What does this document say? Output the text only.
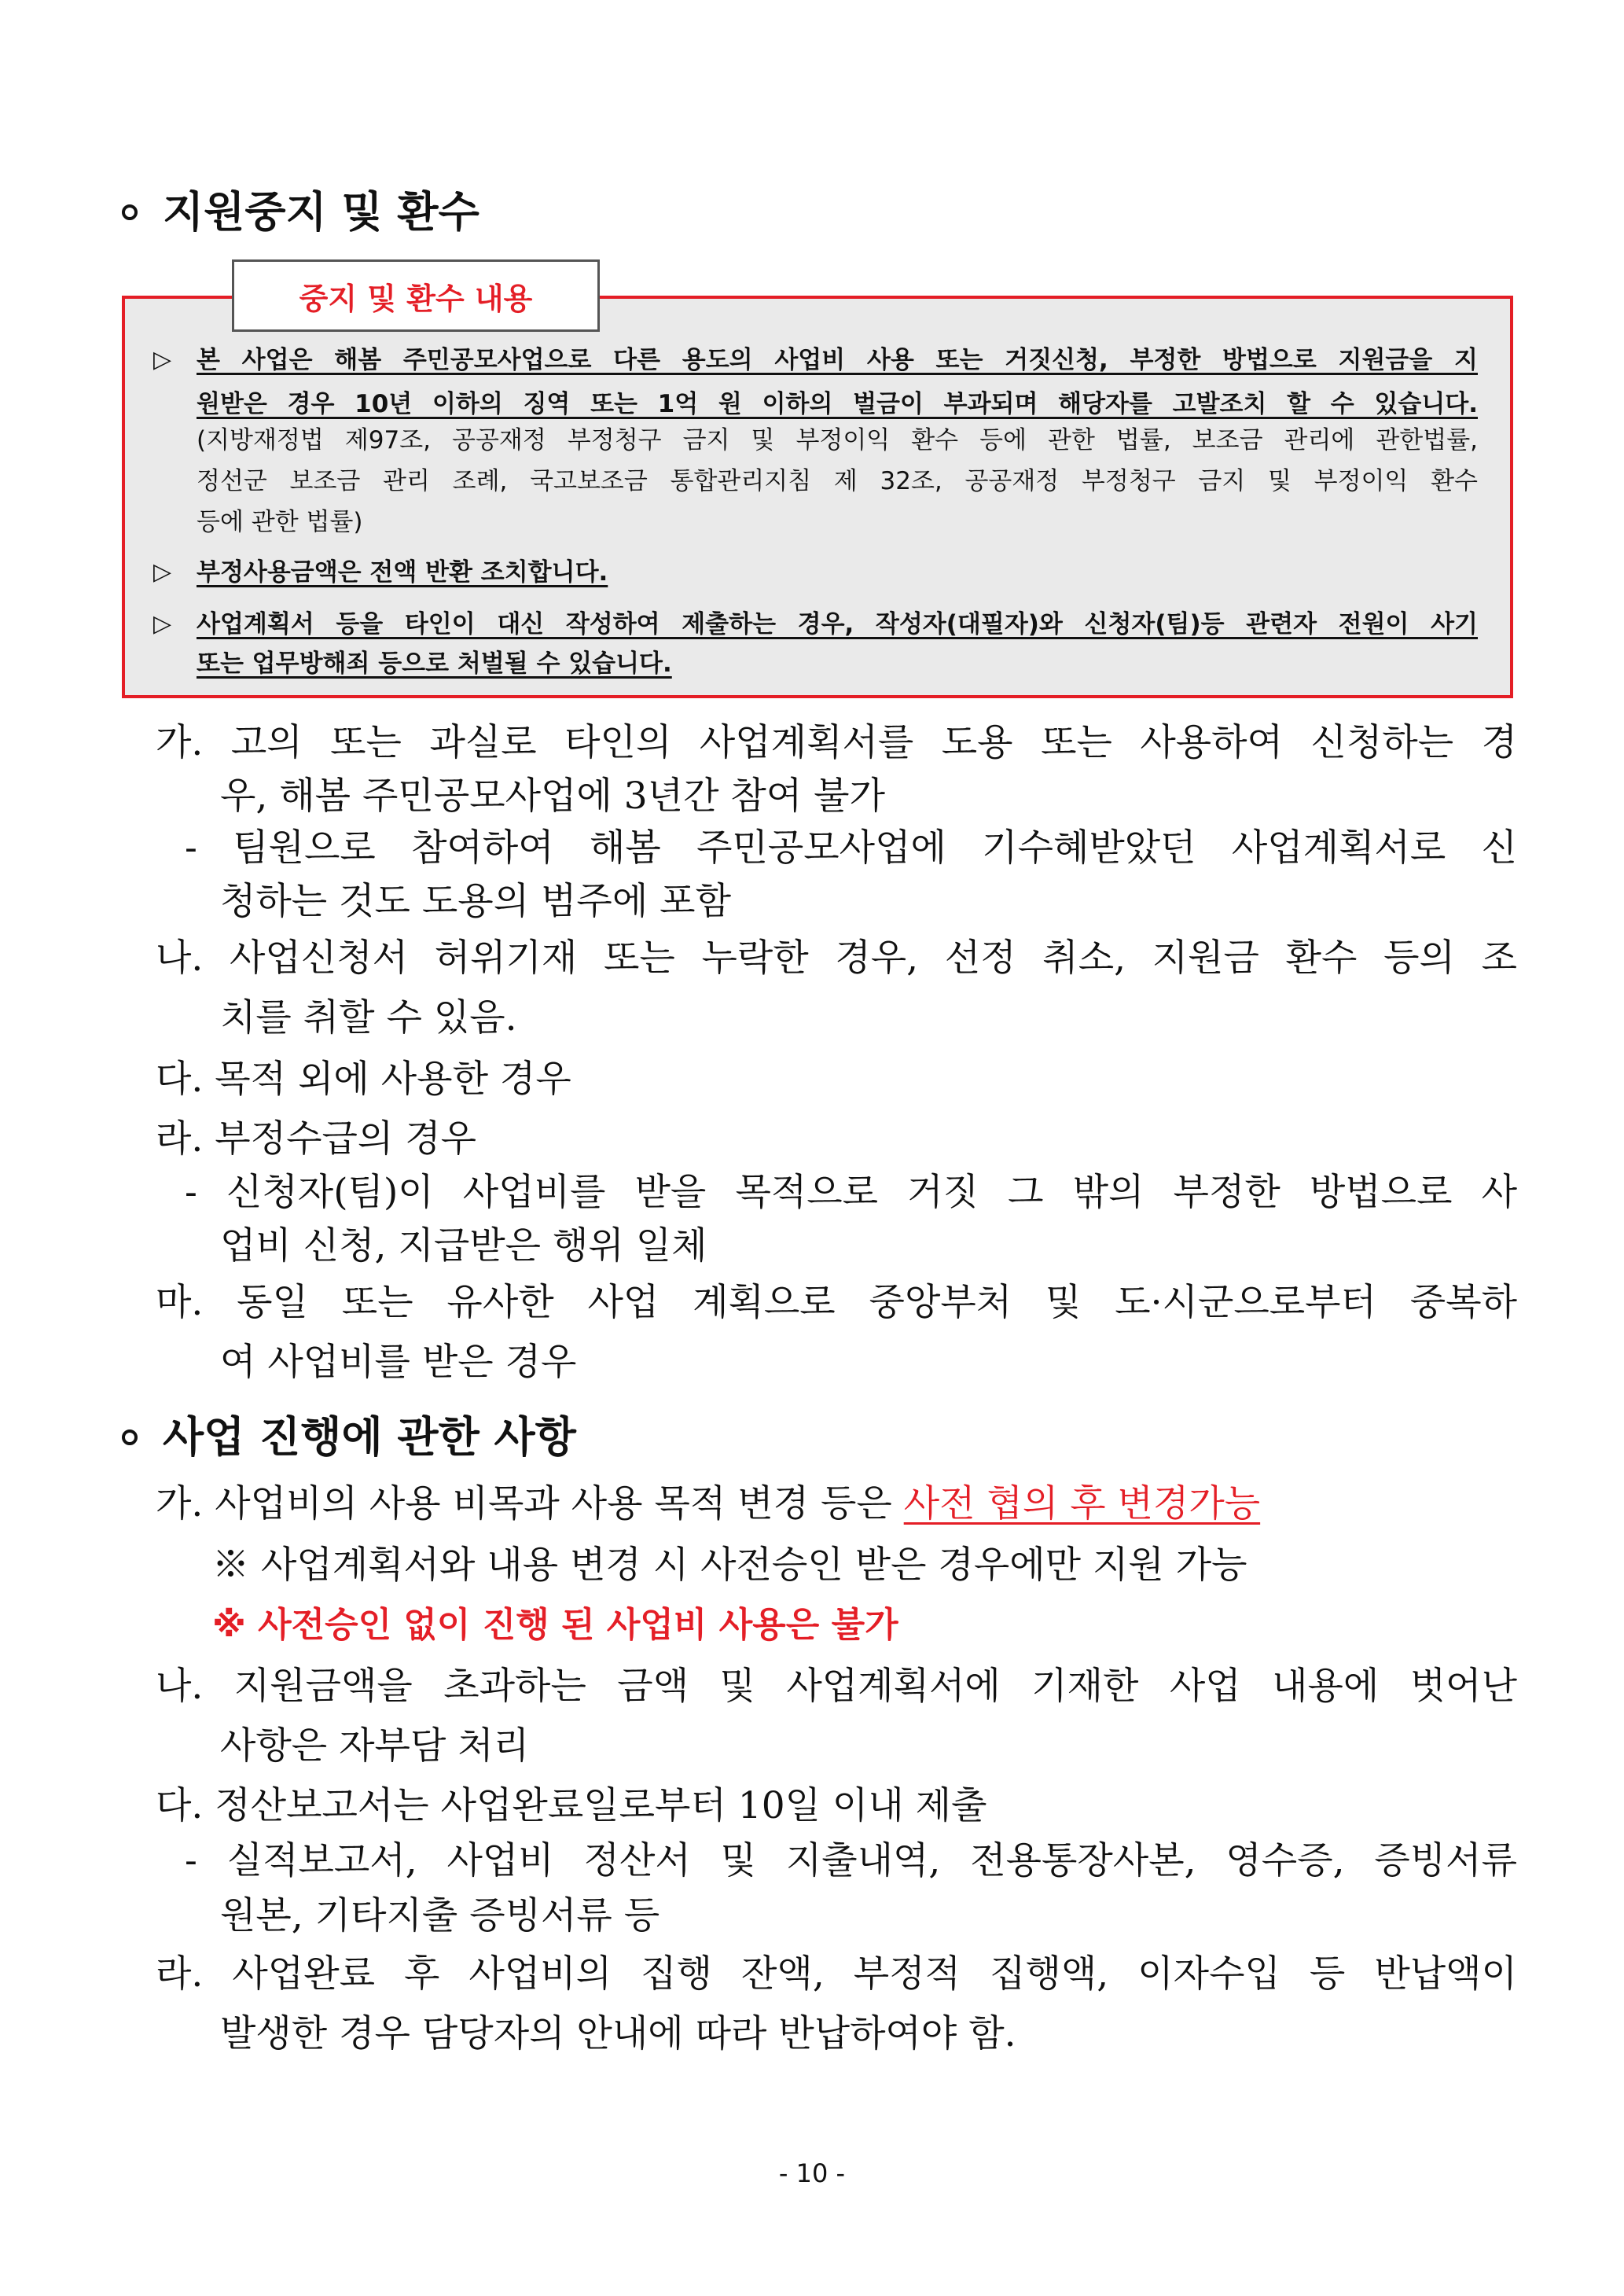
지원중지 및 환수
중지 및 환수 내용
▷ 본 사업은 해봄 주민공모사업으로 다른 용도의 사업비 사용 또는 거짓신청, 부정한 방법으로 지원금을 지
원받은 경우 10년 이하의 징역 또는 1억 원 이하의 벌금이 부과되며 해당자를 고발조치 할 수 있습니다.
(지방재정법 제97조, 공공재정 부정청구 금지 및 부정이익 환수 등에 관한 법률, 보조금 관리에 관한법률,
정선군 보조금 관리 조례, 국고보조금 통합관리지침 제 32조, 공공재정 부정청구 금지 및 부정이익 환수
등에 관한 법률)
▷ 부정사용금액은 전액 반환 조치합니다.
▷ 사업계획서 등을 타인이 대신 작성하여 제출하는 경우, 작성자(대필자)와 신청자(팀)등 관련자 전원이 사기
또는 업무방해죄 등으로 처벌될 수 있습니다.
가. 고의 또는 과실로 타인의 사업계획서를 도용 또는 사용하여 신청하는 경
우, 해봄 주민공모사업에 3년간 참여 불가
- 팀원으로 참여하여 해봄 주민공모사업에 기수혜받았던 사업계획서로 신
청하는 것도 도용의 범주에 포함
나. 사업신청서 허위기재 또는 누락한 경우, 선정 취소, 지원금 환수 등의 조
치를 취할 수 있음.
다. 목적 외에 사용한 경우
라. 부정수급의 경우
- 신청자(팀)이 사업비를 받을 목적으로 거짓 그 밖의 부정한 방법으로 사
업비 신청, 지급받은 행위 일체
마. 동일 또는 유사한 사업 계획으로 중앙부처 및 도·시군으로부터 중복하
여 사업비를 받은 경우
사업 진행에 관한 사항
가. 사업비의 사용 비목과 사용 목적 변경 등은 사전 협의 후 변경가능
※ 사업계획서와 내용 변경 시 사전승인 받은 경우에만 지원 가능
※ 사전승인 없이 진행 된 사업비 사용은 불가
나. 지원금액을 초과하는 금액 및 사업계획서에 기재한 사업 내용에 벗어난
사항은 자부담 처리
다. 정산보고서는 사업완료일로부터 10일 이내 제출
- 실적보고서, 사업비 정산서 및 지출내역, 전용통장사본, 영수증, 증빙서류
원본, 기타지출 증빙서류 등
라. 사업완료 후 사업비의 집행 잔액, 부정적 집행액, 이자수입 등 반납액이
발생한 경우 담당자의 안내에 따라 반납하여야 함.
- 10 -
